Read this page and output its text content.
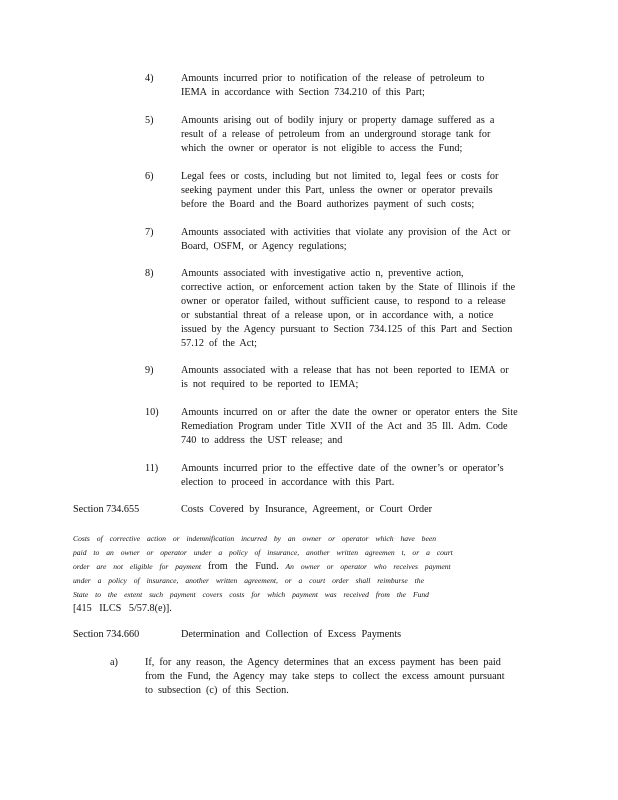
4)	Amounts incurred prior to notification of the release of petroleum to
IEMA in accordance with Section 734.210 of this Part;
5)	Amounts arising out of bodily injury or property damage suffered as a
result of a release of petroleum from an underground storage tank for
which the owner or operator is not eligible to access the Fund;
6)	Legal fees or costs, including but not limited to, legal fees or costs for
seeking payment under this Part, unless the owner or operator prevails
before the Board and the Board authorizes payment of such costs;
7)	Amounts associated with activities that violate any provision of the Act or
Board, OSFM, or Agency regulations;
8)	Amounts associated with investigative actio n, preventive action,
corrective action, or enforcement action taken by the State of Illinois if the
owner or operator failed, without sufficient cause, to respond to a release
or substantial threat of a release upon, or in accordance with, a notice
issued by the Agency pursuant to Section 734.125 of this Part and Section
57.12 of the Act;
9)	Amounts associated with a release that has not been reported to IEMA or
is not required to be reported to IEMA;
10) Amounts incurred on or after the date the owner or operator enters the Site
Remediation Program under Title XVII of the Act and 35 Ill. Adm. Code
740 to address the UST release; and
11) Amounts incurred prior to the effective date of the owner’s or operator’s
election to proceed in accordance with this Part.
Section 734.655	Costs Covered by Insurance, Agreement, or Court Order
Costs of corrective action or indemnification incurred by an owner or operator which have been
paid to an owner or operator under a policy of insurance, another written agreemen t, or a court
order are not eligible for payment from the Fund. An owner or operator who receives payment
under a policy of insurance, another written agreement, or a court order shall reimburse the
State to the extent such payment covers costs for which payment was received from the Fund
[415 ILCS 5/57.8(e)].
Section 734.660	Determination and Collection of Excess Payments
a)	If, for any reason, the Agency determines that an excess payment has been paid
from the Fund, the Agency may take steps to collect the excess amount pursuant
to subsection (c) of this Section.
